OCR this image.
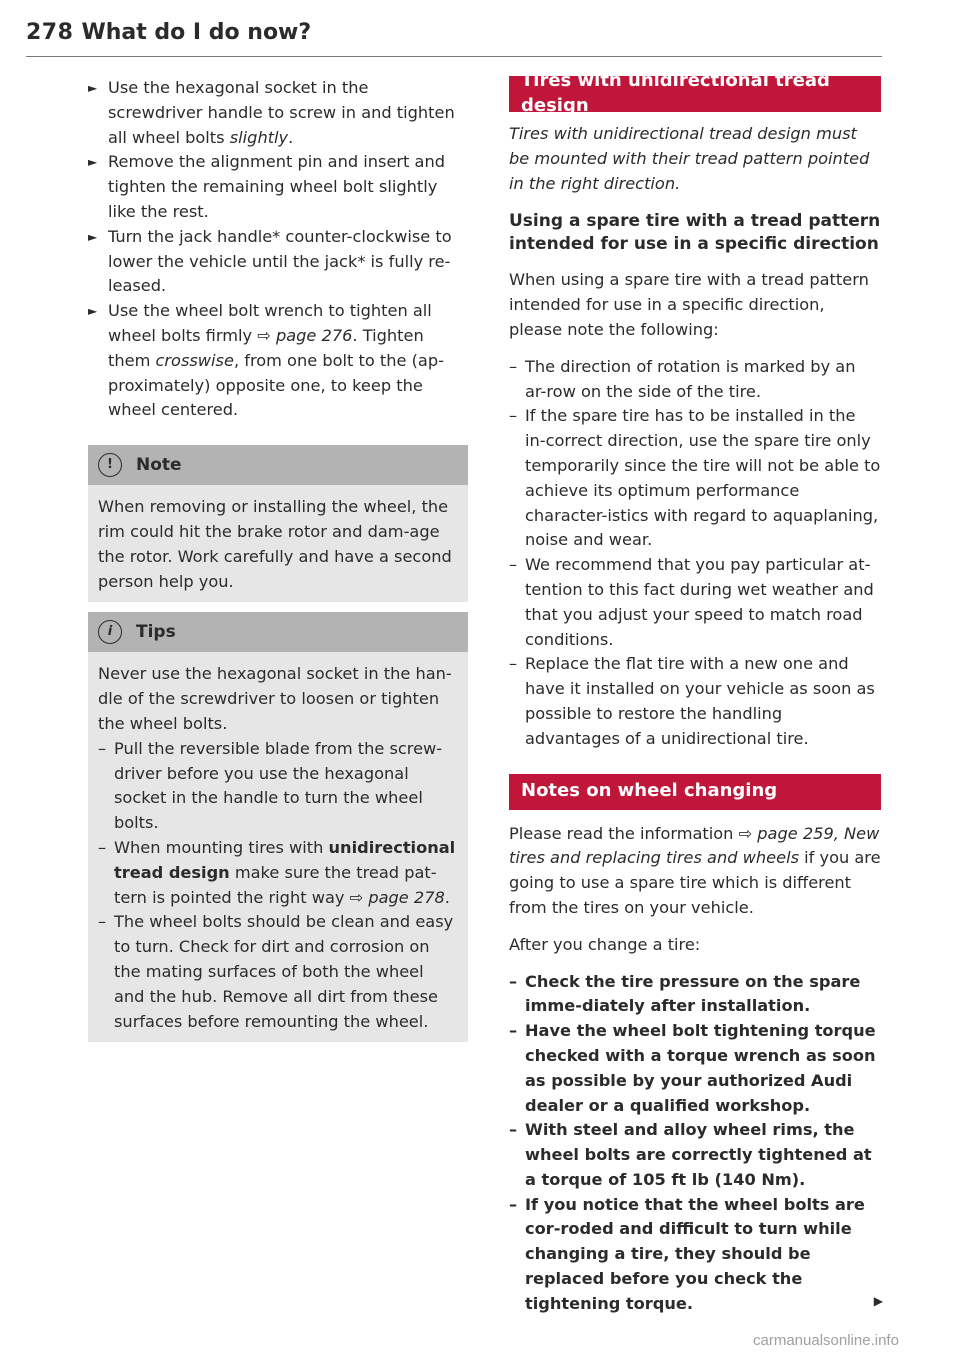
278 What do I do now?

► Use the hexagonal socket in the screwdriver handle to screw in and tighten all wheel bolts slightly.

► Remove the alignment pin and insert and tighten the remaining wheel bolt slightly like the rest.

► Turn the jack handle* counter-clockwise to lower the vehicle until the jack* is fully re-leased.

► Use the wheel bolt wrench to tighten all wheel bolts firmly ⇨ page 276. Tighten them crosswise, from one bolt to the (ap-proximately) opposite one, to keep the wheel centered.

!	Note

When removing or installing the wheel, the rim could hit the brake rotor and dam-age the rotor. Work carefully and have a second person help you.

i	Tips

Never use the hexagonal socket in the han-dle of the screwdriver to loosen or tighten the wheel bolts.

– Pull the reversible blade from the screw-driver before you use the hexagonal socket in the handle to turn the wheel bolts.

– When mounting tires with unidirectional tread design make sure the tread pat-tern is pointed the right way ⇨ page 278.

– The wheel bolts should be clean and easy to turn. Check for dirt and corrosion on the mating surfaces of both the wheel and the hub. Remove all dirt from these surfaces before remounting the wheel.

Tires with unidirectional tread design

Tires with unidirectional tread design must be mounted with their tread pattern pointed in the right direction.

Using a spare tire with a tread pattern intended for use in a specific direction

When using a spare tire with a tread pattern intended for use in a specific direction, please note the following:

– The direction of rotation is marked by an ar-row on the side of the tire.

– If the spare tire has to be installed in the in-correct direction, use the spare tire only temporarily since the tire will not be able to achieve its optimum performance character-istics with regard to aquaplaning, noise and wear.

– We recommend that you pay particular at-tention to this fact during wet weather and that you adjust your speed to match road conditions.

– Replace the flat tire with a new one and have it installed on your vehicle as soon as possible to restore the handling advantages of a unidirectional tire.

Notes on wheel changing

Please read the information ⇨ page 259, New tires and replacing tires and wheels if you are going to use a spare tire which is different from the tires on your vehicle.

After you change a tire:

– Check the tire pressure on the spare imme-diately after installation.

– Have the wheel bolt tightening torque checked with a torque wrench as soon as possible by your authorized Audi dealer or a qualified workshop.

– With steel and alloy wheel rims, the wheel bolts are correctly tightened at a torque of 105 ft lb (140 Nm).

– If you notice that the wheel bolts are cor-roded and difficult to turn while changing a tire, they should be replaced before you check the tightening torque.	▶
carmanualsonline.info
